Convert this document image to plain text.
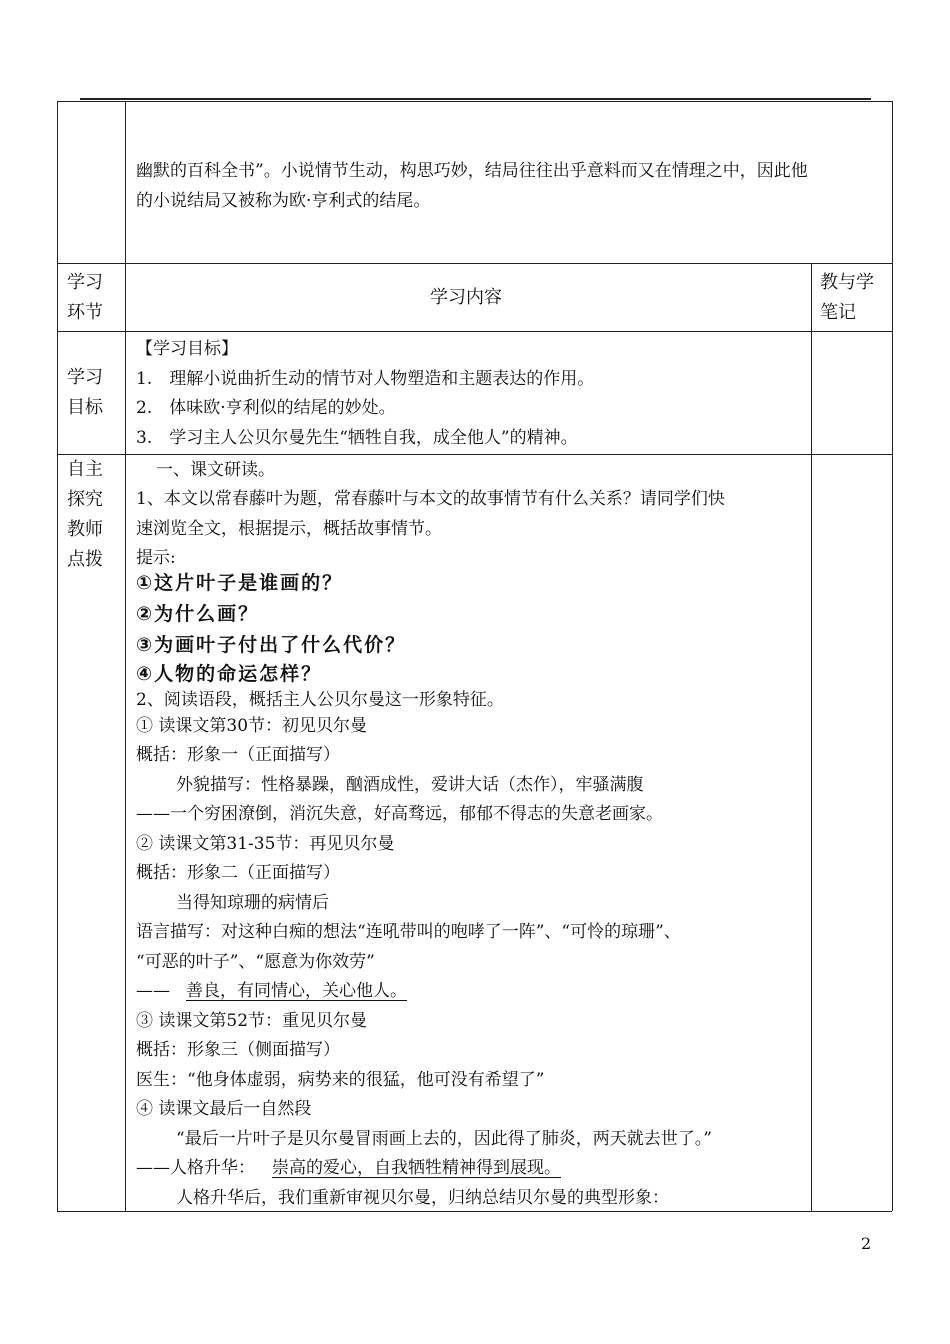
幽默的百科全书”。小说情节生动，构思巧妙，结局往往出乎意料而又在情理之中，因此他
的小说结局又被称为欧·亨利式的结尾。
学习
环节
学习内容
教与学
笔记
学习
目标
【学习目标】
1.　理解小说曲折生动的情节对人物塑造和主题表达的作用。
2.　体味欧·亨利似的结尾的妙处。
3.　学习主人公贝尔曼先生“牺牲自我，成全他人”的精神。
自主
探究
教师
点拨
一、课文研读。
1、本文以常春藤叶为题，常春藤叶与本文的故事情节有什么关系？请同学们快
速浏览全文，根据提示，概括故事情节。
提示:
①这片叶子是谁画的？
②为什么画？
③为画叶子付出了什么代价？
④人物的命运怎样？
2、阅读语段，概括主人公贝尔曼这一形象特征。
① 读课文第30节：初见贝尔曼
概括：形象一（正面描写）
外貌描写：性格暴躁，酗酒成性，爱讲大话（杰作），牢骚满腹
——一个穷困潦倒，消沉失意，好高骛远，郁郁不得志的失意老画家。
② 读课文第31-35节：再见贝尔曼
概括：形象二（正面描写）
当得知琼珊的病情后
语言描写：对这种白痴的想法“连吼带叫的咆哮了一阵”、“可怜的琼珊”、
“可恶的叶子”、“愿意为你效劳”
—— 善良，有同情心，关心他人。
③ 读课文第52节：重见贝尔曼
概括：形象三（侧面描写）
医生：“他身体虚弱，病势来的很猛，他可没有希望了”
④ 读课文最后一自然段
“最后一片叶子是贝尔曼冒雨画上去的，因此得了肺炎，两天就去世了。”
——人格升华： 崇高的爱心，自我牺牲精神得到展现。
人格升华后，我们重新审视贝尔曼，归纳总结贝尔曼的典型形象：
2
